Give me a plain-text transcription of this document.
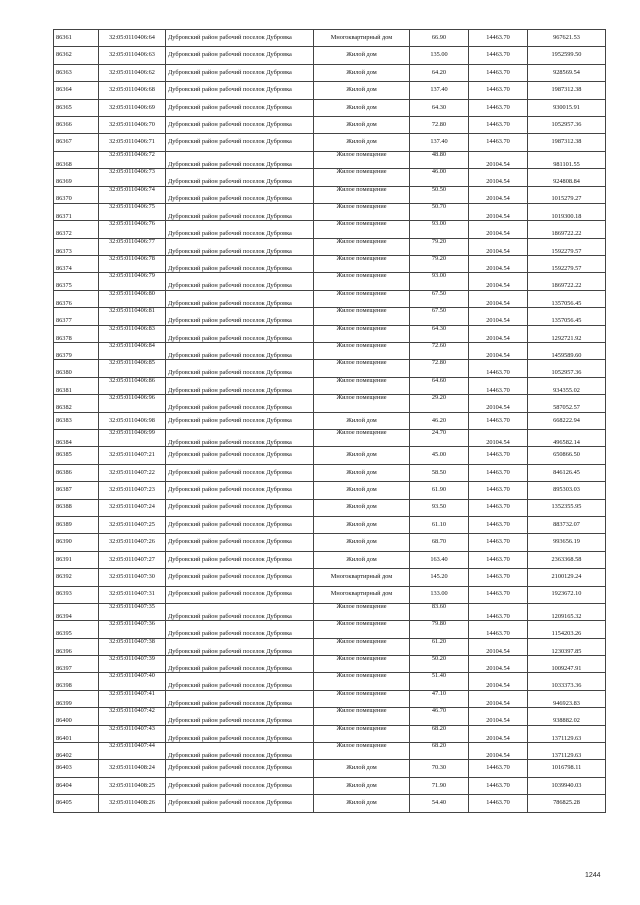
86361	32:05:0110406:64	Дубровский район рабочий поселок Дубровка	Многоквартирный дом	66.90	14463.70	967621.53
86362	32:05:0110406:63	Дубровский район рабочий поселок Дубровка	Жилой дом	135.00	14463.70	1952599.50
86363	32:05:0110406:62	Дубровский район рабочий поселок Дубровка	Жилой дом	64.20	14463.70	928569.54
86364	32:05:0110406:68	Дубровский район рабочий поселок Дубровка	Жилой дом	137.40	14463.70	1987312.38
86365	32:05:0110406:69	Дубровский район рабочий поселок Дубровка	Жилой дом	64.30	14463.70	930015.91
86366	32:05:0110406:70	Дубровский район рабочий поселок Дубровка	Жилой дом	72.80	14463.70	1052957.36
86367	32:05:0110406:71	Дубровский район рабочий поселок Дубровка	Жилой дом	137.40	14463.70	1987312.38
86368	32:05:0110406:72	Дубровский район рабочий поселок Дубровка	Жилое помещение	48.80	20104.54	981101.55
86369	32:05:0110406:73	Дубровский район рабочий поселок Дубровка	Жилое помещение	46.00	20104.54	924808.84
86370	32:05:0110406:74	Дубровский район рабочий поселок Дубровка	Жилое помещение	50.50	20104.54	1015279.27
86371	32:05:0110406:75	Дубровский район рабочий поселок Дубровка	Жилое помещение	50.70	20104.54	1019300.18
86372	32:05:0110406:76	Дубровский район рабочий поселок Дубровка	Жилое помещение	93.00	20104.54	1869722.22
86373	32:05:0110406:77	Дубровский район рабочий поселок Дубровка	Жилое помещение	79.20	20104.54	1592279.57
86374	32:05:0110406:78	Дубровский район рабочий поселок Дубровка	Жилое помещение	79.20	20104.54	1592279.57
86375	32:05:0110406:79	Дубровский район рабочий поселок Дубровка	Жилое помещение	93.00	20104.54	1869722.22
86376	32:05:0110406:80	Дубровский район рабочий поселок Дубровка	Жилое помещение	67.50	20104.54	1357056.45
86377	32:05:0110406:81	Дубровский район рабочий поселок Дубровка	Жилое помещение	67.50	20104.54	1357056.45
86378	32:05:0110406:83	Дубровский район рабочий поселок Дубровка	Жилое помещение	64.30	20104.54	1292721.92
86379	32:05:0110406:84	Дубровский район рабочий поселок Дубровка	Жилое помещение	72.60	20104.54	1459589.60
86380	32:05:0110406:85	Дубровский район рабочий поселок Дубровка	Жилое помещение	72.80	14463.70	1052957.36
86381	32:05:0110406:86	Дубровский район рабочий поселок Дубровка	Жилое помещение	64.60	14463.70	934355.02
86382	32:05:0110406:96	Дубровский район рабочий поселок Дубровка	Жилое помещение	29.20	20104.54	587052.57
86383	32:05:0110406:98	Дубровский район рабочий поселок Дубровка	Жилой дом	46.20	14463.70	668222.94
86384	32:05:0110406:99	Дубровский район рабочий поселок Дубровка	Жилое помещение	24.70	20104.54	496582.14
86385	32:05:0110407:21	Дубровский район рабочий поселок Дубровка	Жилой дом	45.00	14463.70	650866.50
86386	32:05:0110407:22	Дубровский район рабочий поселок Дубровка	Жилой дом	58.50	14463.70	846126.45
86387	32:05:0110407:23	Дубровский район рабочий поселок Дубровка	Жилой дом	61.90	14463.70	895303.03
86388	32:05:0110407:24	Дубровский район рабочий поселок Дубровка	Жилой дом	93.50	14463.70	1352355.95
86389	32:05:0110407:25	Дубровский район рабочий поселок Дубровка	Жилой дом	61.10	14463.70	883732.07
86390	32:05:0110407:26	Дубровский район рабочий поселок Дубровка	Жилой дом	68.70	14463.70	993656.19
86391	32:05:0110407:27	Дубровский район рабочий поселок Дубровка	Жилой дом	163.40	14463.70	2363368.58
86392	32:05:0110407:30	Дубровский район рабочий поселок Дубровка	Многоквартирный дом	145.20	14463.70	2100129.24
86393	32:05:0110407:31	Дубровский район рабочий поселок Дубровка	Многоквартирный дом	133.00	14463.70	1923672.10
86394	32:05:0110407:35	Дубровский район рабочий поселок Дубровка	Жилое помещение	83.60	14463.70	1209165.32
86395	32:05:0110407:36	Дубровский район рабочий поселок Дубровка	Жилое помещение	79.80	14463.70	1154203.26
86396	32:05:0110407:38	Дубровский район рабочий поселок Дубровка	Жилое помещение	61.20	20104.54	1230397.85
86397	32:05:0110407:39	Дубровский район рабочий поселок Дубровка	Жилое помещение	50.20	20104.54	1009247.91
86398	32:05:0110407:40	Дубровский район рабочий поселок Дубровка	Жилое помещение	51.40	20104.54	1033373.36
86399	32:05:0110407:41	Дубровский район рабочий поселок Дубровка	Жилое помещение	47.10	20104.54	946923.83
86400	32:05:0110407:42	Дубровский район рабочий поселок Дубровка	Жилое помещение	46.70	20104.54	938882.02
86401	32:05:0110407:43	Дубровский район рабочий поселок Дубровка	Жилое помещение	68.20	20104.54	1371129.63
86402	32:05:0110407:44	Дубровский район рабочий поселок Дубровка	Жилое помещение	68.20	20104.54	1371129.63
86403	32:05:0110408:24	Дубровский район рабочий поселок Дубровка	Жилой дом	70.30	14463.70	1016798.11
86404	32:05:0110408:25	Дубровский район рабочий поселок Дубровка	Жилой дом	71.90	14463.70	1039940.03
86405	32:05:0110408:26	Дубровский район рабочий поселок Дубровка	Жилой дом	54.40	14463.70	786825.28
1244
